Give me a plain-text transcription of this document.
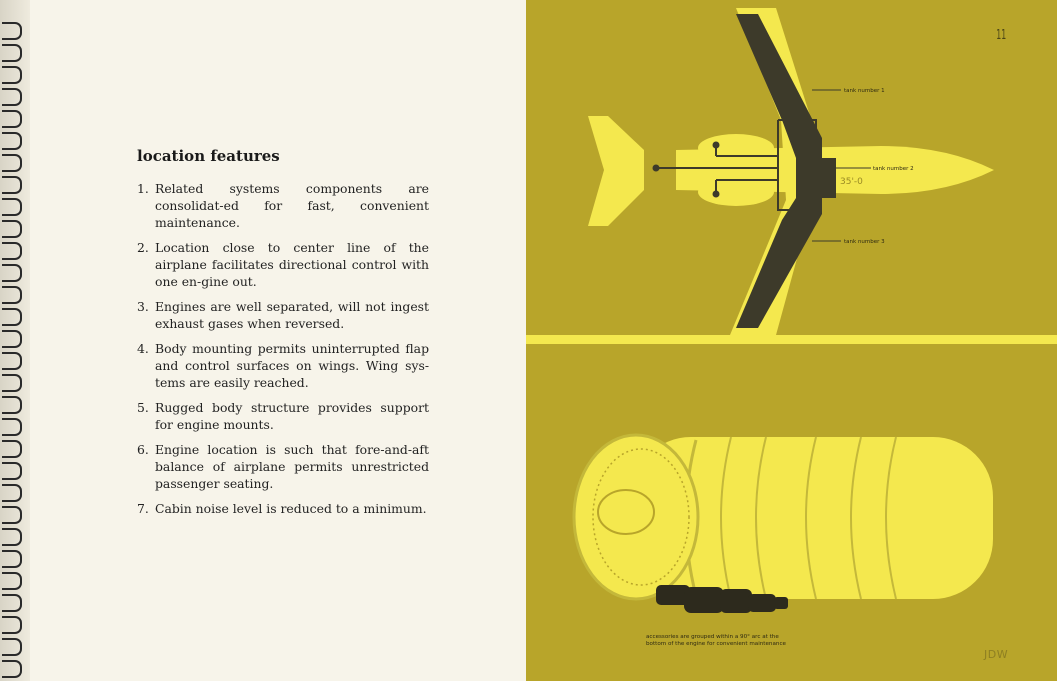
location features
1. Related systems components are consolidat-ed for fast, convenient maintenance.
2. Location close to center line of the airplane facilitates directional control with one en-gine out.
3. Engines are well separated, will not ingest exhaust gases when reversed.
4. Body mounting permits uninterrupted flap and control surfaces on wings. Wing sys-tems are easily reached.
5. Rugged body structure provides support for engine mounts.
6. Engine location is such that fore-and-aft balance of airplane permits unrestricted passenger seating.
7. Cabin noise level is reduced to a minimum.
tank number 1
tank number 2
tank number 3
35'-0
11
accessories are grouped within a 90° arc at the bottom of the engine for convenient maintenance
JDW
